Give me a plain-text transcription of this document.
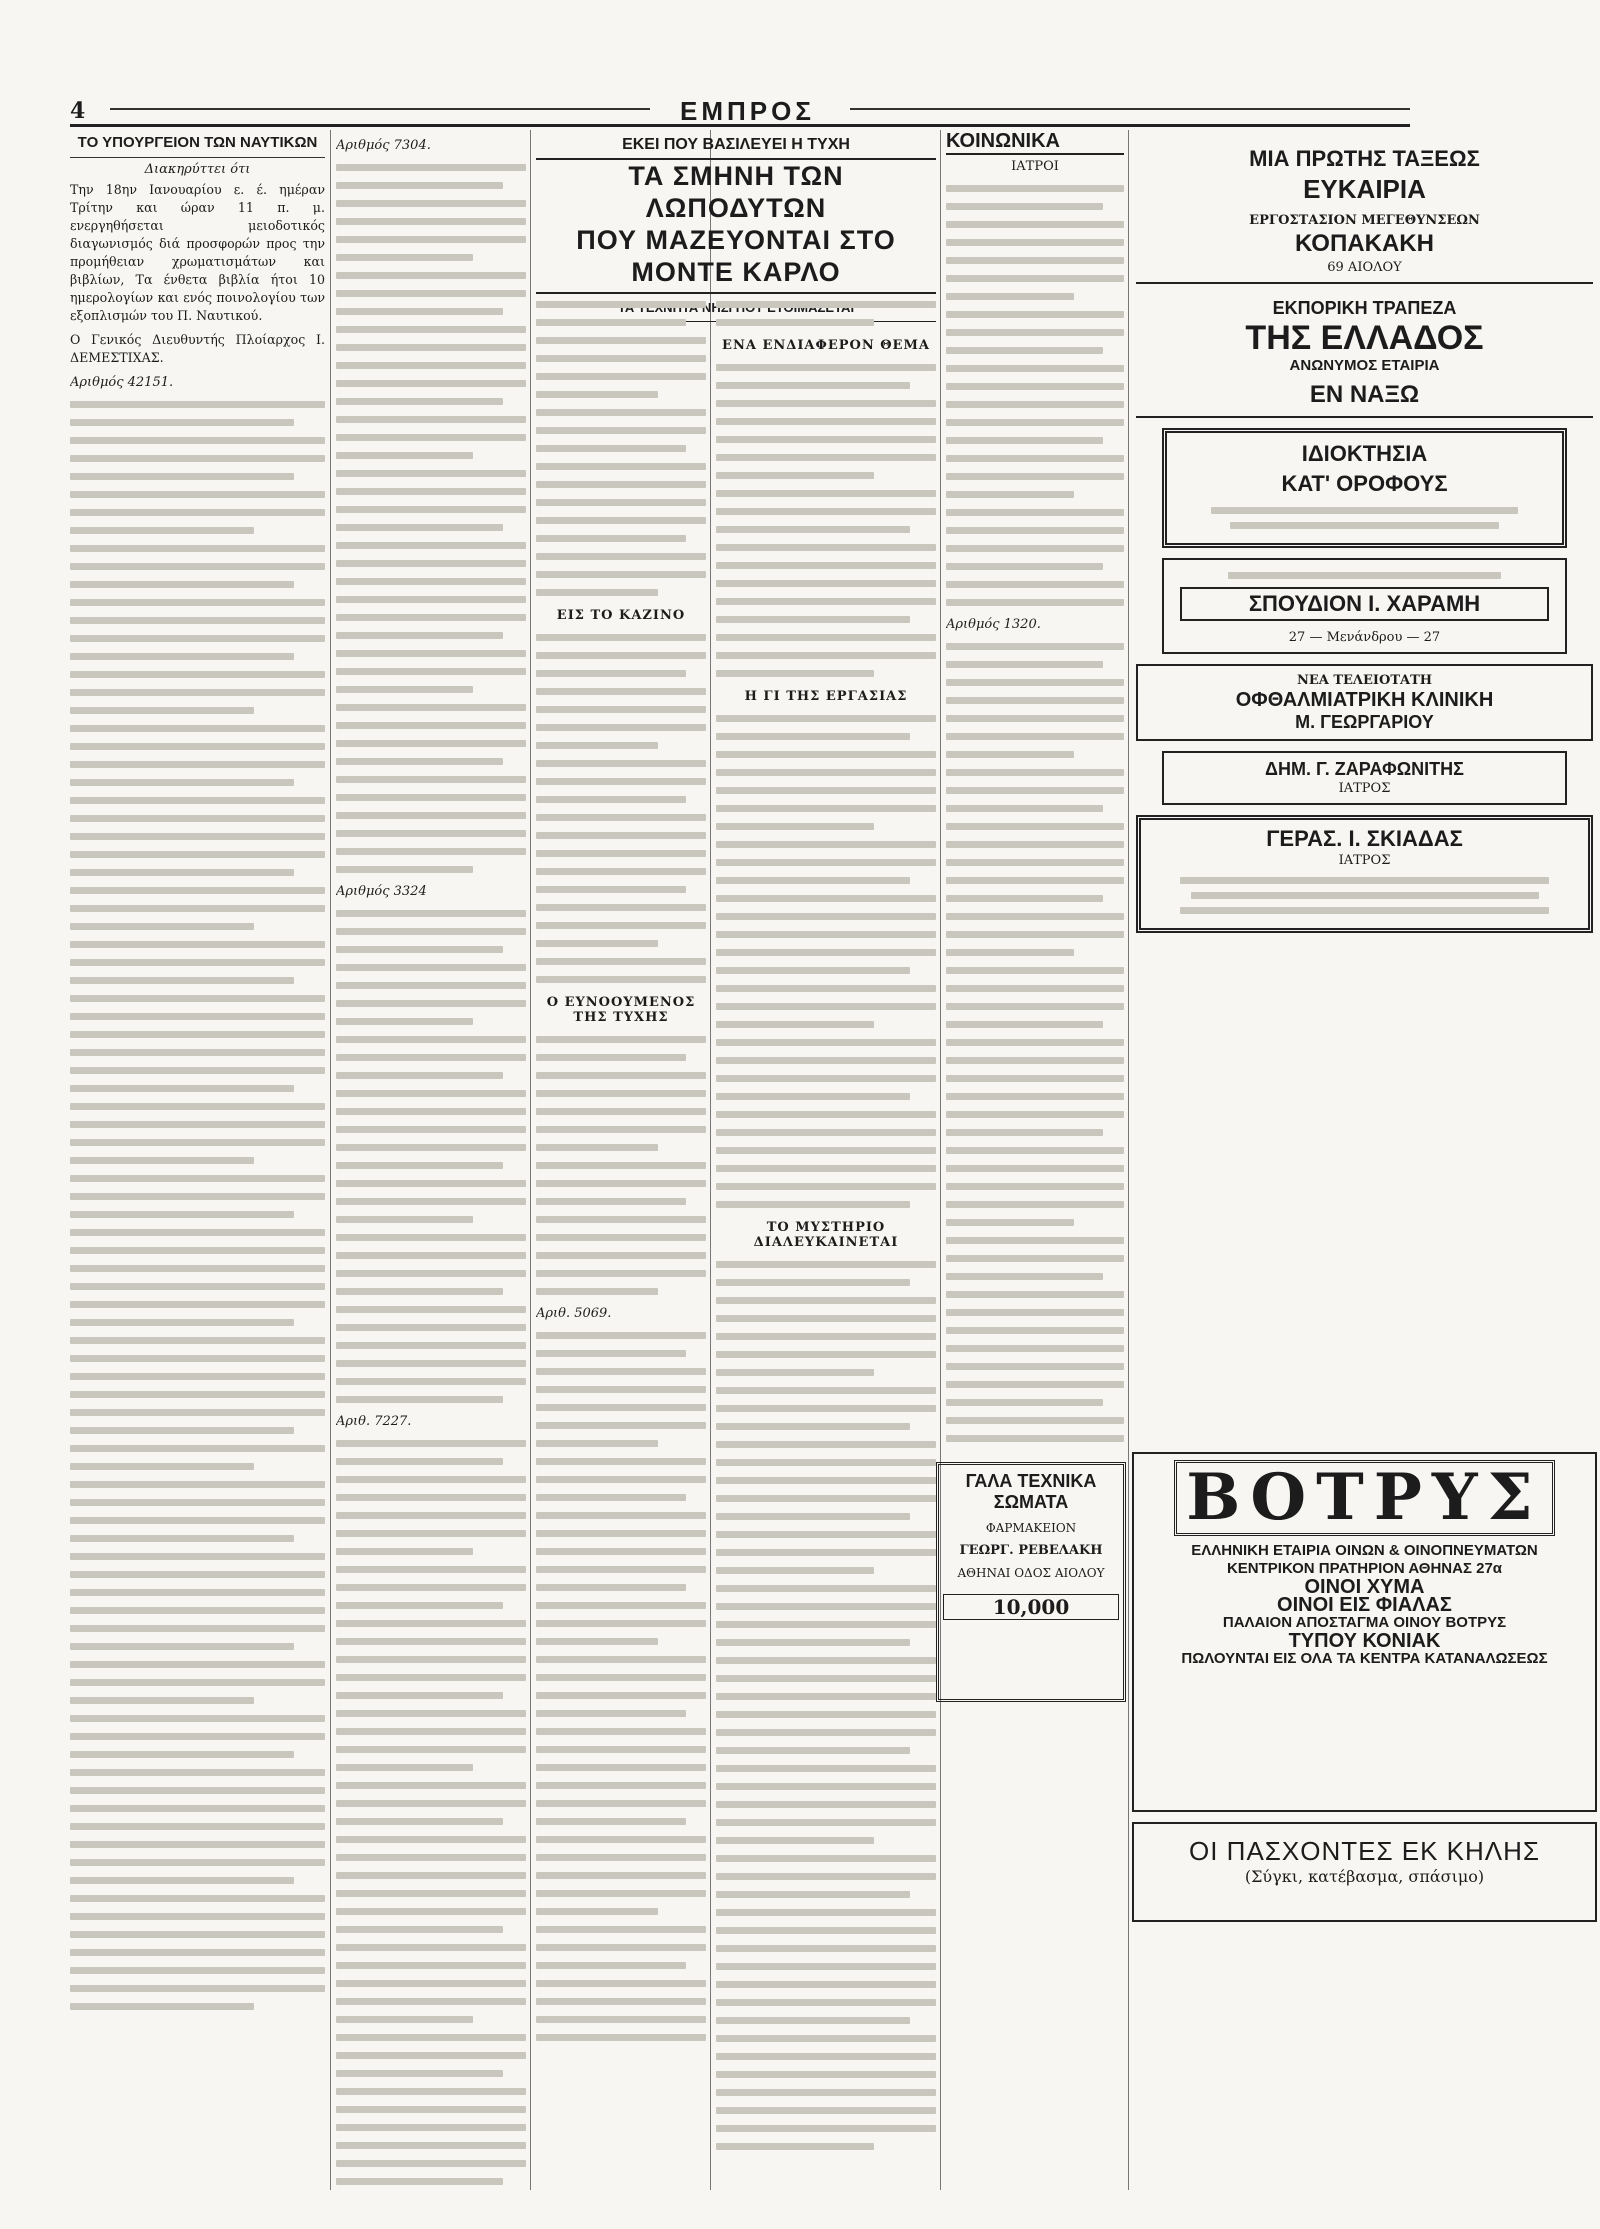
4	ΕΜΠΡΟΣ
ΤΟ ΥΠΟΥΡΓΕΙΟΝ ΤΩΝ ΝΑΥΤΙΚΩΝ
Διακηρύττει ότι
Την 18ην Ιανουαρίου ε. έ. ημέραν Τρίτην και ώραν 11 π. μ. ενεργηθήσεται μειοδοτικός διαγωνισμός διά προσφορών προς την προμήθειαν χρωματισμάτων και βιβλίων, Τα ένθετα βιβλία ήτοι 10 ημερολογίων και ενός ποινολογίου των εξοπλισμών του Π. Ναυτικού.
Ο Γενικός Διευθυντής Πλοίαρχος Ι. ΔΕΜΕΣΤΙΧΑΣ.
Αριθμός 42151.
Αριθμός 7304.
Αριθμός 3324
Αριθ. 7227.
ΕΚΕΙ ΠΟΥ ΒΑΣΙΛΕΥΕΙ Η ΤΥΧΗ
ΤΑ ΣΜΗΝΗ ΤΩΝ ΛΩΠΟΔΥΤΩΝ
ΠΟΥ ΜΑΖΕΥΟΝΤΑΙ ΣΤΟ ΜΟΝΤΕ ΚΑΡΛΟ
ΕΙΣ ΤΟ ΚΑΖΙΝΟ
Ο ΕΥΝΟΟΥΜΕΝΟΣ ΤΗΣ ΤΥΧΗΣ
Αριθ. 5069.
ΕΝΑ ΕΝΔΙΑΦΕΡΟΝ ΘΕΜΑ
Η ΓΙ ΤΗΣ ΕΡΓΑΣΙΑΣ
ΤΟ ΜΥΣΤΗΡΙΟ ΔΙΑΛΕΥΚΑΙΝΕΤΑΙ
ΚΟΙΝΩΝΙΚΑ
ΙΑΤΡΟΙ
Αριθμός 1320.
ΜΙΑ ΠΡΩΤΗΣ ΤΑΞΕΩΣ
ΕΥΚΑΙΡΙΑ
ΕΡΓΟΣΤΑΣΙΟΝ ΜΕΓΕΘΥΝΣΕΩΝ
ΚΟΠΑΚΑΚΗ
69 ΑΙΟΛΟΥ
ΕΚΠΟΡΙΚΗ ΤΡΑΠΕΖΑ
ΤΗΣ ΕΛΛΑΔΟΣ
ΑΝΩΝΥΜΟΣ ΕΤΑΙΡΙΑ
ΕΝ ΝΑΞΩ
ΙΔΙΟΚΤΗΣΙΑ
ΚΑΤ' ΟΡΟΦΟΥΣ
ΣΠΟΥΔΙΟΝ Ι. ΧΑΡΑΜΗ
27 — Μενάνδρου — 27
ΝΕΑ ΤΕΛΕΙΟΤΑΤΗ
ΟΦΘΑΛΜΙΑΤΡΙΚΗ ΚΛΙΝΙΚΗ
Μ. ΓΕΩΡΓΑΡΙΟΥ
ΔΗΜ. Γ. ΖΑΡΑΦΩΝΙΤΗΣ
ΙΑΤΡΟΣ
ΓΕΡΑΣ. Ι. ΣΚΙΑΔΑΣ
ΙΑΤΡΟΣ
ΓΑΛΑ ΤΕΧΝΙΚΑ ΣΩΜΑΤΑ
ΦΑΡΜΑΚΕΙΟΝ
ΓΕΩΡΓ. ΡΕΒΕΛΑΚΗ
ΑΘΗΝΑΙ ΟΔΟΣ ΑΙΟΛΟΥ
10,000
ΒΟΤΡΥΣ
ΕΛΛΗΝΙΚΗ ΕΤΑΙΡΙΑ ΟΙΝΩΝ & ΟΙΝΟΠΝΕΥΜΑΤΩΝ
ΚΕΝΤΡΙΚΟΝ ΠΡΑΤΗΡΙΟΝ ΑΘΗΝΑΣ 27α
ΟΙΝΟΙ ΧΥΜΑ
ΟΙΝΟΙ ΕΙΣ ΦΙΑΛΑΣ
ΠΑΛΑΙΟΝ ΑΠΟΣΤΑΓΜΑ ΟΙΝΟΥ ΒΟΤΡΥΣ
ΤΥΠΟΥ ΚΟΝΙΑΚ
ΠΩΛΟΥΝΤΑΙ ΕΙΣ ΟΛΑ ΤΑ ΚΕΝΤΡΑ ΚΑΤΑΝΑΛΩΣΕΩΣ
ΟΙ ΠΑΣΧΟΝΤΕΣ ΕΚ ΚΗΛΗΣ
(Σύγκι, κατέβασμα, σπάσιμο)
